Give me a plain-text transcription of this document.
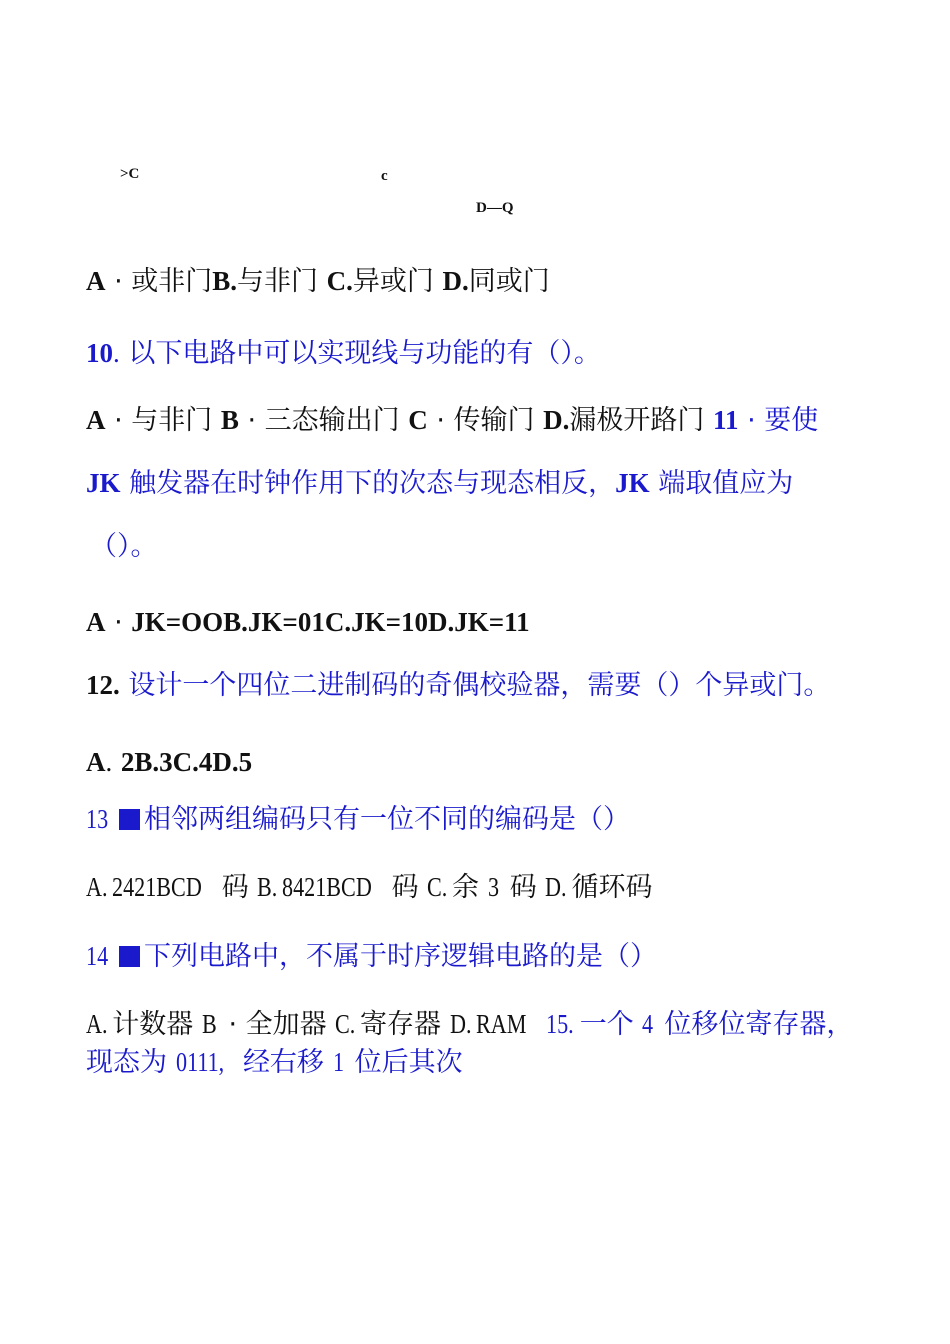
>C	c
D—Q
A · 或非门B.与非门 C.异或门 D.同或门
10. 以下电路中可以实现线与功能的有（）。
A · 与非门 B · 三态输出门 C · 传输门 D.漏极开路门 11 · 要使
JK 触发器在时钟作用下的次态与现态相反，JK 端取值应为
（）。
A · JK=OOB.JK=01C.JK=10D.JK=11
12. 设计一个四位二进制码的奇偶校验器，需要（）个异或门。
A. 2B.3C.4D.5
13 相邻两组编码只有一位不同的编码是（）
A. 2421BCD 码 B. 8421BCD 码 C. 余 3 码 D. 循环码
14 下列电路中，不属于时序逻辑电路的是（）
A. 计数器 B · 全加器 C. 寄存器 D. RAM 15. 一个 4 位移位寄存器，
现态为 0111, 经右移 1 位后其次
